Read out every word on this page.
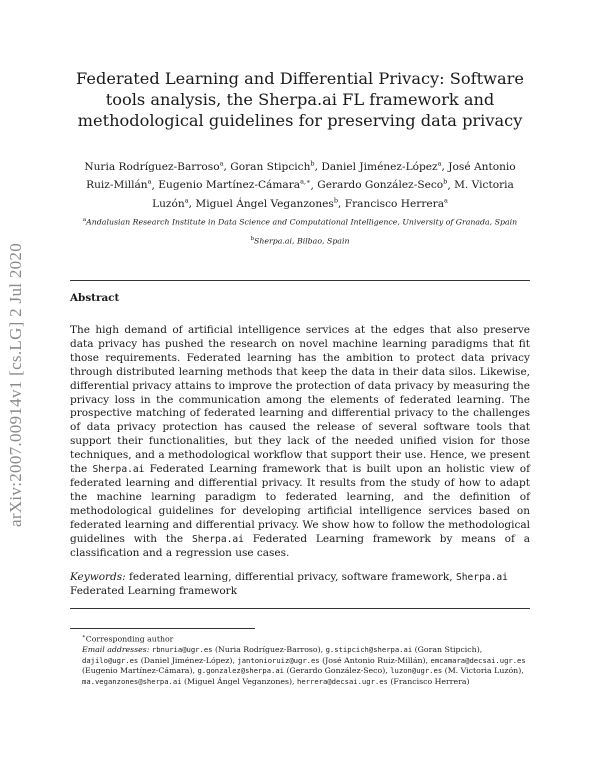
arXiv:2007.00914v1 [cs.LG] 2 Jul 2020
Federated Learning and Differential Privacy: Software tools analysis, the Sherpa.ai FL framework and methodological guidelines for preserving data privacy
Nuria Rodríguez-Barroso$^a$, Goran Stipcich$^b$, Daniel Jiménez-López$^a$, José Antonio Ruiz-Millán$^a$, Eugenio Martínez-Cámara$^{a,∗}$, Gerardo González-Seco$^b$, M. Victoria Luzón$^a$, Miguel Ángel Veganzones$^b$, Francisco Herrera$^a$
$^a$Andalusian Research Institute in Data Science and Computational Intelligence, University of Granada, Spain
$^b$Sherpa.ai, Bilbao, Spain
Abstract

The high demand of artificial intelligence services at the edges that also preserve data privacy has pushed the research on novel machine learning paradigms that fit those requirements. Federated learning has the ambition to protect data privacy through distributed learning methods that keep the data in their data silos. Likewise, differential privacy attains to improve the protection of data privacy by measuring the privacy loss in the communication among the elements of federated learning. The prospective matching of federated learning and differential privacy to the challenges of data privacy protection has caused the release of several software tools that support their functionalities, but they lack of the needed unified vision for those techniques, and a methodological workflow that support their use. Hence, we present the Sherpa.ai Federated Learning framework that is built upon an holistic view of federated learning and differential privacy. It results from the study of how to adapt the machine learning paradigm to federated learning, and the definition of methodological guidelines for developing artificial intelligence services based on federated learning and differential privacy. We show how to follow the methodological guidelines with the Sherpa.ai Federated Learning framework by means of a classification and a regression use cases.

Keywords: federated learning, differential privacy, software framework, Sherpa.ai Federated Learning framework

∗Corresponding author

Email addresses: rbnuria@ugr.es (Nuria Rodríguez-Barroso), g.stipcich@sherpa.ai (Goran Stipcich), dajilo@ugr.es (Daniel Jiménez-López), jantonioruiz@ugr.es (José Antonio Ruiz-Millán), emcamara@decsai.ugr.es (Eugenio Martínez-Cámara), g.gonzalez@sherpa.ai (Gerardo González-Seco), luzon@ugr.es (M. Victoria Luzón), ma.veganzones@sherpa.ai (Miguel Ángel Veganzones), herrera@decsai.ugr.es (Francisco Herrera)
